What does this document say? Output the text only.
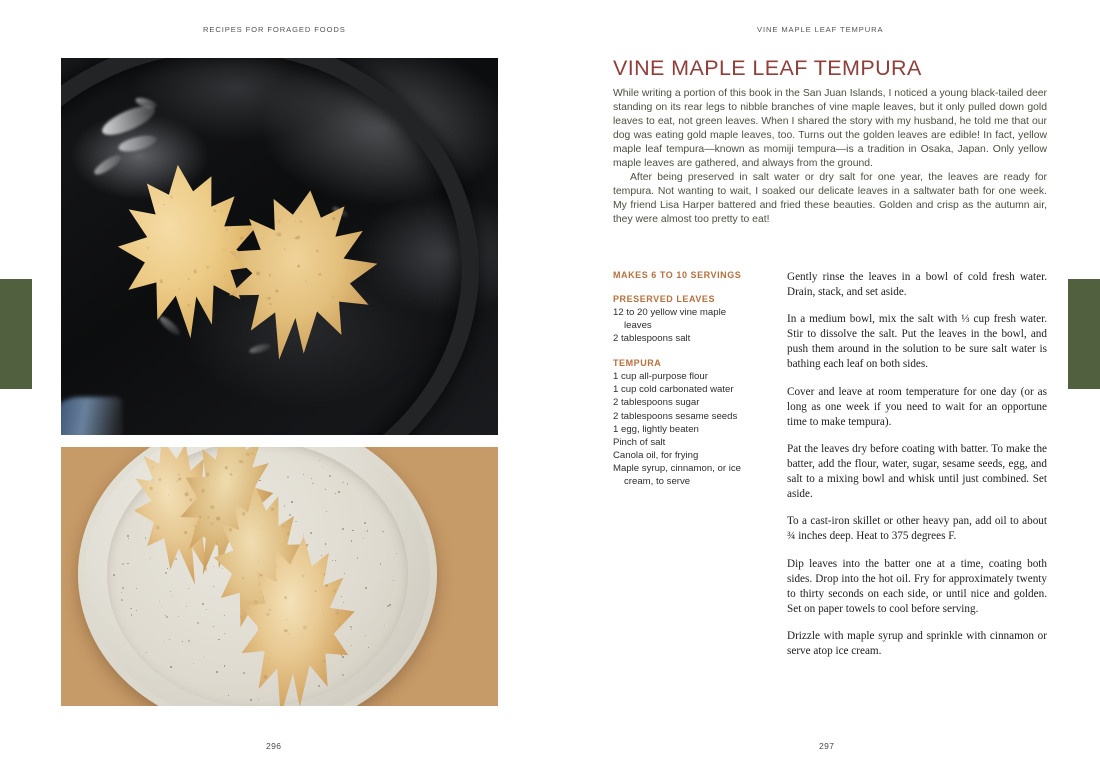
RECIPES FOR FORAGED FOODS	VINE MAPLE LEAF TEMPURA
296	297
VINE MAPLE LEAF TEMPURA

While writing a portion of this book in the San Juan Islands, I noticed a young black-tailed deer standing on its rear legs to nibble branches of vine maple leaves, but it only pulled down gold leaves to eat, not green leaves. When I shared the story with my husband, he told me that our dog was eating gold maple leaves, too. Turns out the golden leaves are edible! In fact, yellow maple leaf tempura—known as momiji tempura—is a tradition in Osaka, Japan. Only yellow maple leaves are gathered, and always from the ground.

After being preserved in salt water or dry salt for one year, the leaves are ready for tempura. Not wanting to wait, I soaked our delicate leaves in a saltwater bath for one week. My friend Lisa Harper battered and fried these beauties. Golden and crisp as the autumn air, they were almost too pretty to eat!

MAKES 6 TO 10 SERVINGS
PRESERVED LEAVES
12 to 20 yellow vine maple
leaves
2 tablespoons salt
TEMPURA
1 cup all-purpose flour
1 cup cold carbonated water
2 tablespoons sugar
2 tablespoons sesame seeds
1 egg, lightly beaten
Pinch of salt
Canola oil, for frying
Maple syrup, cinnamon, or ice
cream, to serve

Gently rinse the leaves in a bowl of cold fresh water. Drain, stack, and set aside.

In a medium bowl, mix the salt with ⅓ cup fresh water. Stir to dissolve the salt. Put the leaves in the bowl, and push them around in the solution to be sure salt water is bathing each leaf on both sides.

Cover and leave at room temperature for one day (or as long as one week if you need to wait for an opportune time to make tempura).

Pat the leaves dry before coating with batter. To make the batter, add the flour, water, sugar, sesame seeds, egg, and salt to a mixing bowl and whisk until just combined. Set aside.

To a cast-iron skillet or other heavy pan, add oil to about ¾ inches deep. Heat to 375 degrees F.

Dip leaves into the batter one at a time, coating both sides. Drop into the hot oil. Fry for approximately twenty to thirty seconds on each side, or until nice and golden. Set on paper towels to cool before serving.

Drizzle with maple syrup and sprinkle with cinnamon or serve atop ice cream.
